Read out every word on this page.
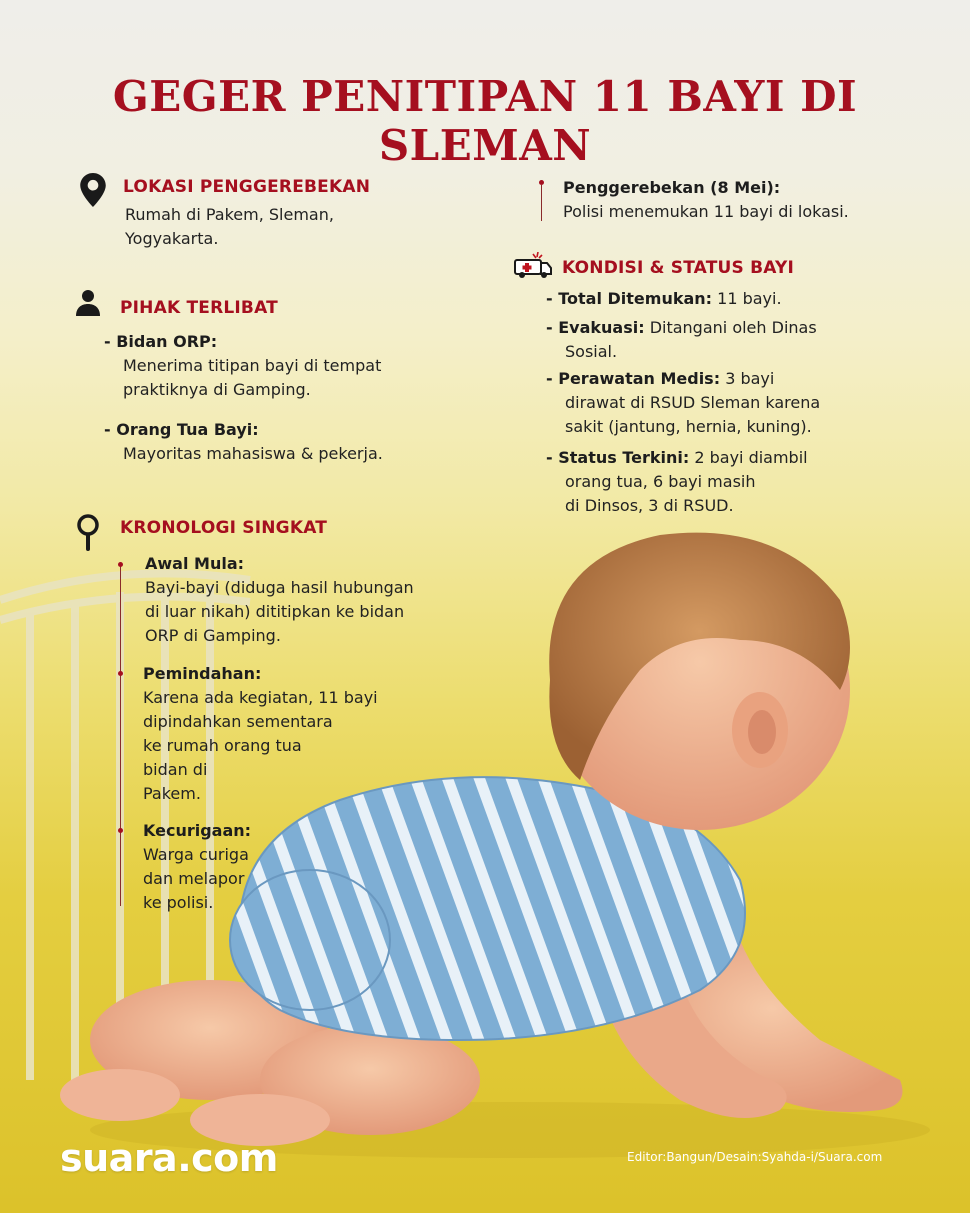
GEGER PENITIPAN 11 BAYI DI SLEMAN
LOKASI PENGGEREBEKAN
Rumah di Pakem, Sleman,
Yogyakarta.
PIHAK TERLIBAT
- Bidan ORP:
Menerima titipan bayi di tempat
praktiknya di Gamping.
- Orang Tua Bayi:
Mayoritas mahasiswa & pekerja.
KRONOLOGI SINGKAT
Awal Mula:
Bayi-bayi (diduga hasil hubungan
di luar nikah) dititipkan ke bidan
ORP di Gamping.
Pemindahan:
Karena ada kegiatan, 11 bayi
dipindahkan sementara
ke rumah orang tua
bidan di
Pakem.
Kecurigaan:
Warga curiga
dan melapor
ke polisi.
Penggerebekan (8 Mei):
Polisi menemukan 11 bayi di lokasi.
KONDISI & STATUS BAYI
- Total Ditemukan: 11 bayi.
- Evakuasi: Ditangani oleh Dinas
Sosial.
- Perawatan Medis: 3 bayi
dirawat di RSUD Sleman karena
sakit (jantung, hernia, kuning).
- Status Terkini: 2 bayi diambil
orang tua, 6 bayi masih
di Dinsos, 3 di RSUD.
suara.com	Editor:Bangun/Desain:Syahda-i/Suara.com
